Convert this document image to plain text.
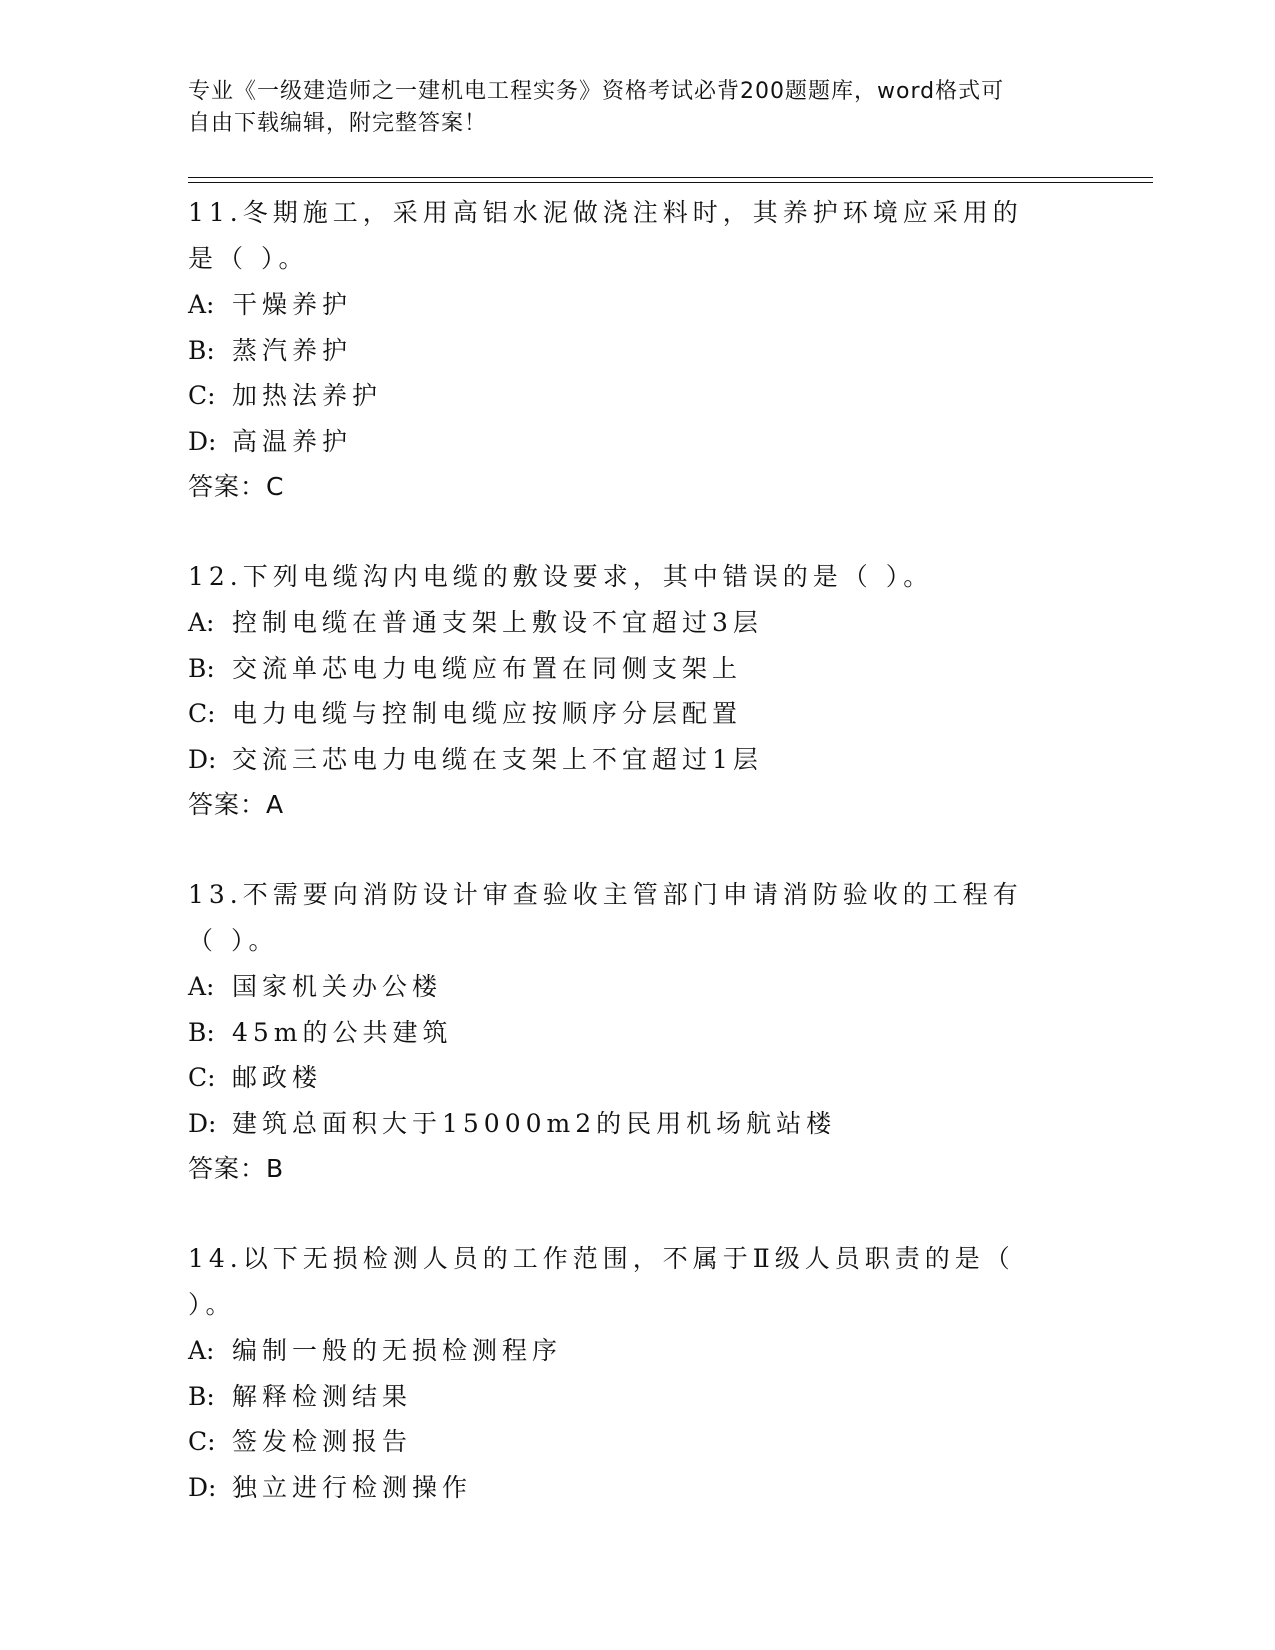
专业《一级建造师之一建机电工程实务》资格考试必背200题题库，word格式可
自由下载编辑，附完整答案！
11.冬期施工，采用高铝水泥做浇注料时，其养护环境应采用的是（ ）。
A: 干燥养护
B: 蒸汽养护
C: 加热法养护
D: 高温养护
答案：C
12.下列电缆沟内电缆的敷设要求，其中错误的是（ ）。
A: 控制电缆在普通支架上敷设不宜超过3层
B: 交流单芯电力电缆应布置在同侧支架上
C: 电力电缆与控制电缆应按顺序分层配置
D: 交流三芯电力电缆在支架上不宜超过1层
答案：A
13.不需要向消防设计审查验收主管部门申请消防验收的工程有（ ）。
A: 国家机关办公楼
B: 45m的公共建筑
C: 邮政楼
D: 建筑总面积大于15000m2的民用机场航站楼
答案：B
14.以下无损检测人员的工作范围，不属于Ⅱ级人员职责的是（ ）。
A: 编制一般的无损检测程序
B: 解释检测结果
C: 签发检测报告
D: 独立进行检测操作
